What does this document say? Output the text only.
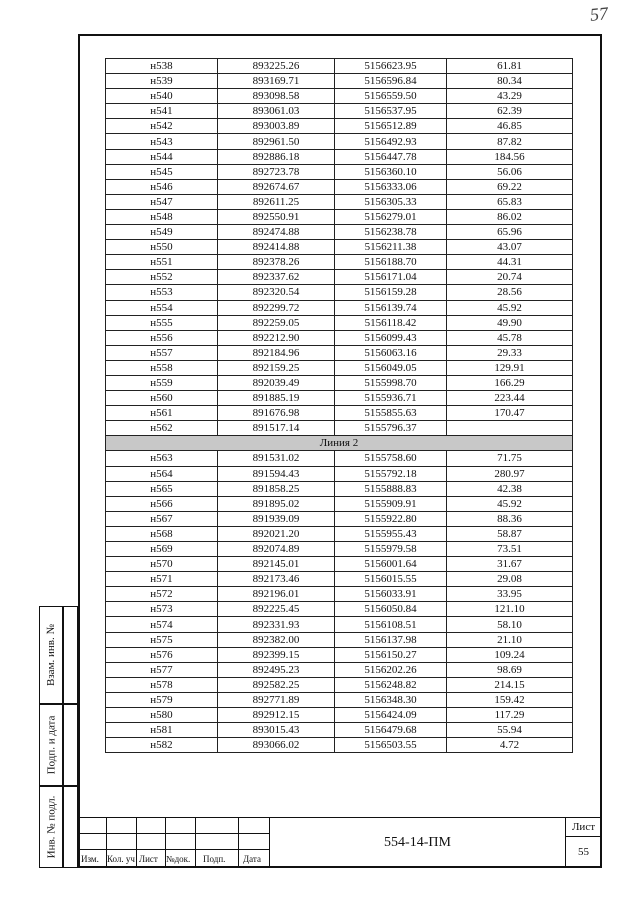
57
н538	893225.26	5156623.95	61.81
н539	893169.71	5156596.84	80.34
н540	893098.58	5156559.50	43.29
н541	893061.03	5156537.95	62.39
н542	893003.89	5156512.89	46.85
н543	892961.50	5156492.93	87.82
н544	892886.18	5156447.78	184.56
н545	892723.78	5156360.10	56.06
н546	892674.67	5156333.06	69.22
н547	892611.25	5156305.33	65.83
н548	892550.91	5156279.01	86.02
н549	892474.88	5156238.78	65.96
н550	892414.88	5156211.38	43.07
н551	892378.26	5156188.70	44.31
н552	892337.62	5156171.04	20.74
н553	892320.54	5156159.28	28.56
н554	892299.72	5156139.74	45.92
н555	892259.05	5156118.42	49.90
н556	892212.90	5156099.43	45.78
н557	892184.96	5156063.16	29.33
н558	892159.25	5156049.05	129.91
н559	892039.49	5155998.70	166.29
н560	891885.19	5155936.71	223.44
н561	891676.98	5155855.63	170.47
н562	891517.14	5155796.37	
Линия 2			
н563	891531.02	5155758.60	71.75
н564	891594.43	5155792.18	280.97
н565	891858.25	5155888.83	42.38
н566	891895.02	5155909.91	45.92
н567	891939.09	5155922.80	88.36
н568	892021.20	5155955.43	58.87
н569	892074.89	5155979.58	73.51
н570	892145.01	5156001.64	31.67
н571	892173.46	5156015.55	29.08
н572	892196.01	5156033.91	33.95
н573	892225.45	5156050.84	121.10
н574	892331.93	5156108.51	58.10
н575	892382.00	5156137.98	21.10
н576	892399.15	5156150.27	109.24
н577	892495.23	5156202.26	98.69
н578	892582.25	5156248.82	214.15
н579	892771.89	5156348.30	159.42
н580	892912.15	5156424.09	117.29
н581	893015.43	5156479.68	55.94
н582	893066.02	5156503.55	4.72
Взам. инв. №
Подп. и дата
Инв. № подл.
Изм. Кол. уч Лист №док. Подп. Дата
554-14-ПМ
Лист
55
